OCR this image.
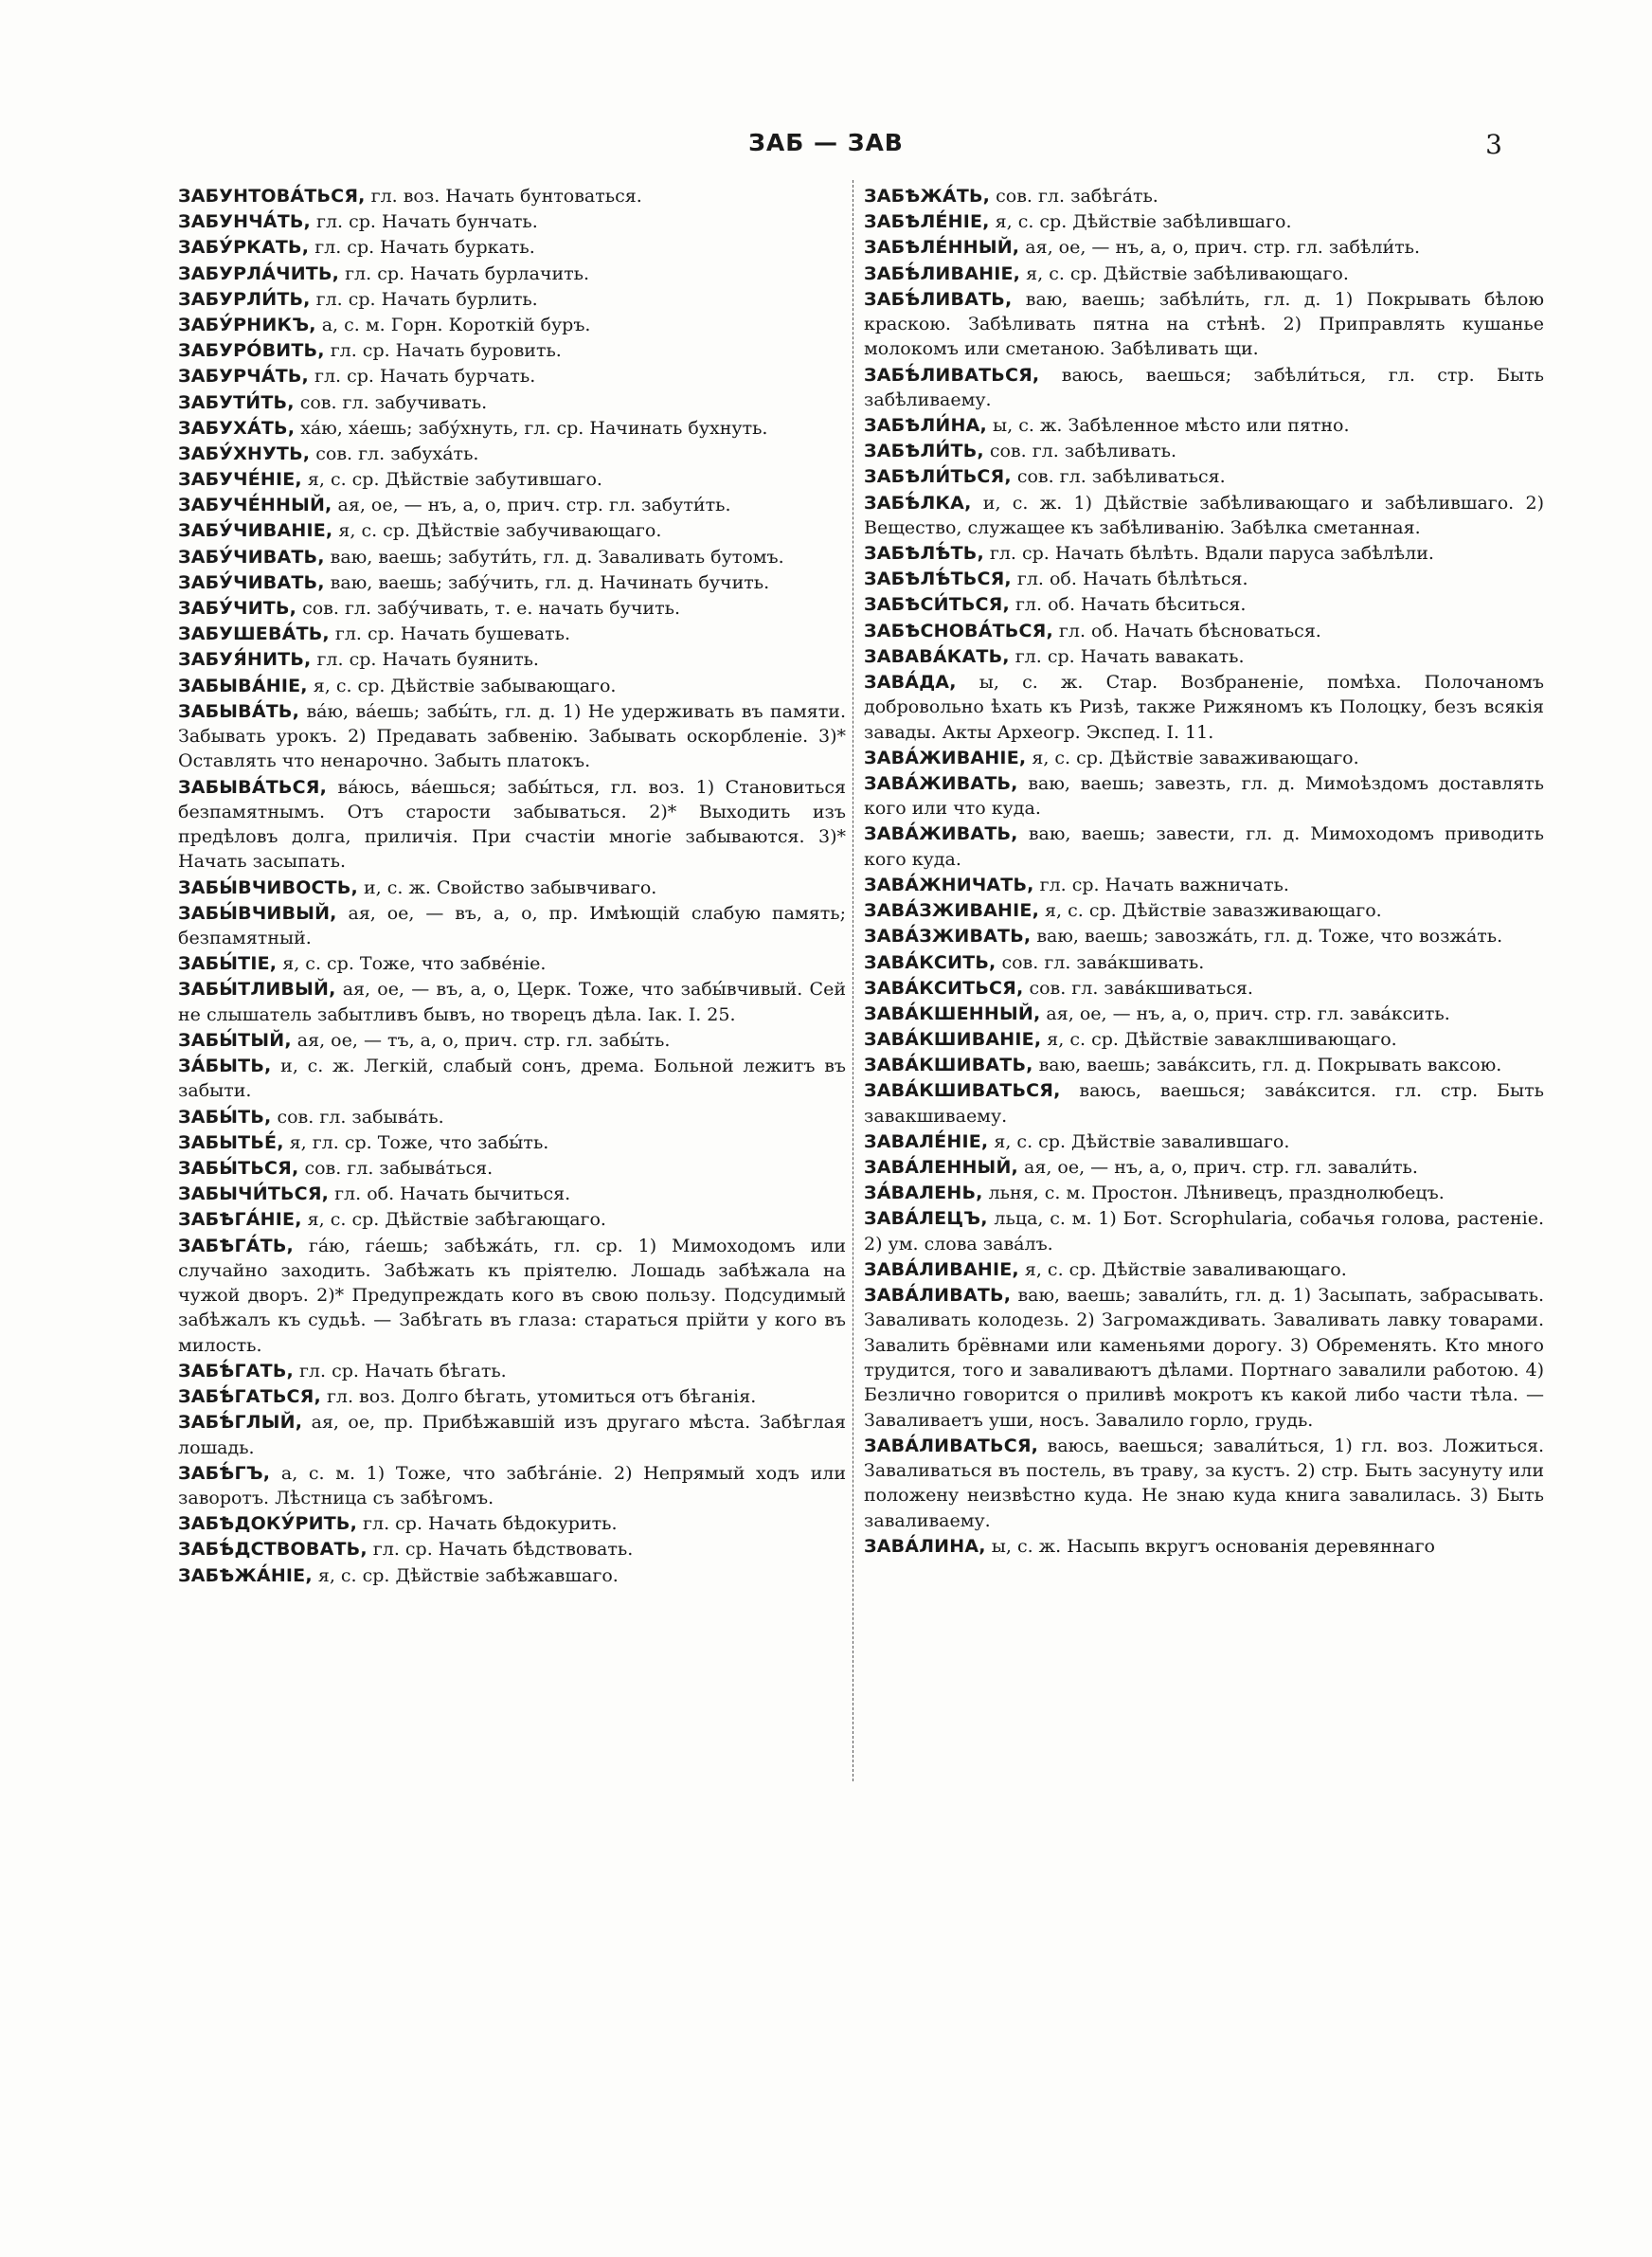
ЗАБ — ЗАВ	3
ЗАБУНТОВА́ТЬСЯ, гл. воз. Начать бунтоваться.
ЗАБУНЧА́ТЬ, гл. ср. Начать бунчать.
ЗАБУ́РКАТЬ, гл. ср. Начать буркать.
ЗАБУРЛА́ЧИТЬ, гл. ср. Начать бурлачить.
ЗАБУРЛИ́ТЬ, гл. ср. Начать бурлить.
ЗАБУ́РНИКЪ, а, с. м. Горн. Короткій буръ.
ЗАБУРО́ВИТЬ, гл. ср. Начать буровить.
ЗАБУРЧА́ТЬ, гл. ср. Начать бурчать.
ЗАБУТИ́ТЬ, сов. гл. забучивать.
ЗАБУХА́ТЬ, ха́ю, ха́ешь; забу́хнуть, гл. ср. Начинать бухнуть.
ЗАБУ́ХНУТЬ, сов. гл. забуха́ть.
ЗАБУЧЕ́НІЕ, я, с. ср. Дѣйствіе забутившаго.
ЗАБУЧЕ́ННЫЙ, ая, ое, — нъ, а, о, прич. стр. гл. забути́ть.
ЗАБУ́ЧИВАНІЕ, я, с. ср. Дѣйствіе забучивающаго.
ЗАБУ́ЧИВАТЬ, ваю, ваешь; забути́ть, гл. д. Заваливать бутомъ.
ЗАБУ́ЧИВАТЬ, ваю, ваешь; забу́чить, гл. д. Начинать бучить.
ЗАБУ́ЧИТЬ, сов. гл. забу́чивать, т. е. начать бучить.
ЗАБУШЕВА́ТЬ, гл. ср. Начать бушевать.
ЗАБУЯ́НИТЬ, гл. ср. Начать буянить.
ЗАБЫВА́НІЕ, я, с. ср. Дѣйствіе забывающаго.
ЗАБЫВА́ТЬ, ва́ю, ва́ешь; забы́ть, гл. д. 1) Не удерживать въ памяти. Забывать урокъ. 2) Предавать забвенію. Забывать оскорбленіе. 3)* Оставлять что ненарочно. Забыть платокъ.
ЗАБЫВА́ТЬСЯ, ва́юсь, ва́ешься; забы́ться, гл. воз. 1) Становиться безпамятнымъ. Отъ старости забываться. 2)* Выходить изъ предѣловъ долга, приличія. При счастіи многіе забываются. 3)* Начать засыпать.
ЗАБЫ́ВЧИВОСТЬ, и, с. ж. Свойство забывчиваго.
ЗАБЫ́ВЧИВЫЙ, ая, ое, — въ, а, о, пр. Имѣющій слабую память; безпамятный.
ЗАБЫ́ТІЕ, я, с. ср. Тоже, что забве́ніе.
ЗАБЫ́ТЛИВЫЙ, ая, ое, — въ, а, о, Церк. Тоже, что забы́вчивый. Сей не слышатель забытливъ бывъ, но творецъ дѣла. Iак. I. 25.
ЗАБЫ́ТЫЙ, ая, ое, — тъ, а, о, прич. стр. гл. забы́ть.
ЗА́БЫТЬ, и, с. ж. Легкій, слабый сонъ, дрема. Больной лежитъ въ забыти.
ЗАБЫ́ТЬ, сов. гл. забыва́ть.
ЗАБЫТЬЕ́, я, гл. ср. Тоже, что забы́ть.
ЗАБЫ́ТЬСЯ, сов. гл. забыва́ться.
ЗАБЫЧИ́ТЬСЯ, гл. об. Начать бычиться.
ЗАБѢГА́НІЕ, я, с. ср. Дѣйствіе забѣгающаго.
ЗАБѢГА́ТЬ, га́ю, га́ешь; забѣжа́ть, гл. ср. 1) Мимоходомъ или случайно заходить. Забѣжать къ пріятелю. Лошадь забѣжала на чужой дворъ. 2)* Предупреждать кого въ свою пользу. Подсудимый забѣжалъ къ судьѣ. — Забѣгать въ глаза: стараться прійти у кого въ милость.
ЗАБѢ́ГАТЬ, гл. ср. Начать бѣгать.
ЗАБѢ́ГАТЬСЯ, гл. воз. Долго бѣгать, утомиться отъ бѣганія.
ЗАБѢ́ГЛЫЙ, ая, ое, пр. Прибѣжавшій изъ другаго мѣста. Забѣглая лошадь.
ЗАБѢ́ГЪ, а, с. м. 1) Тоже, что забѣга́ніе. 2) Непрямый ходъ или заворотъ. Лѣстница съ забѣгомъ.
ЗАБѢДОКУ́РИТЬ, гл. ср. Начать бѣдокурить.
ЗАБѢ́ДСТВОВАТЬ, гл. ср. Начать бѣдствовать.
ЗАБѢЖА́НІЕ, я, с. ср. Дѣйствіе забѣжавшаго.
ЗАБѢЖА́ТЬ, сов. гл. забѣга́ть.
ЗАБѢЛЕ́НІЕ, я, с. ср. Дѣйствіе забѣлившаго.
ЗАБѢЛЕ́ННЫЙ, ая, ое, — нъ, а, о, прич. стр. гл. забѣли́ть.
ЗАБѢ́ЛИВАНІЕ, я, с. ср. Дѣйствіе забѣливающаго.
ЗАБѢ́ЛИВАТЬ, ваю, ваешь; забѣли́ть, гл. д. 1) Покрывать бѣлою краскою. Забѣливать пятна на стѣнѣ. 2) Приправлять кушанье молокомъ или сметаною. Забѣливать щи.
ЗАБѢ́ЛИВАТЬСЯ, ваюсь, ваешься; забѣли́ться, гл. стр. Быть забѣливаему.
ЗАБѢЛИ́НА, ы, с. ж. Забѣленное мѣсто или пятно.
ЗАБѢЛИ́ТЬ, сов. гл. забѣливать.
ЗАБѢЛИ́ТЬСЯ, сов. гл. забѣливаться.
ЗАБѢ́ЛКА, и, с. ж. 1) Дѣйствіе забѣливающаго и забѣлившаго. 2) Вещество, служащее къ забѣливанію. Забѣлка сметанная.
ЗАБѢЛѢ́ТЬ, гл. ср. Начать бѣлѣть. Вдали паруса забѣлѣли.
ЗАБѢЛѢ́ТЬСЯ, гл. об. Начать бѣлѣться.
ЗАБѢСИ́ТЬСЯ, гл. об. Начать бѣситься.
ЗАБѢСНОВА́ТЬСЯ, гл. об. Начать бѣсноваться.
ЗАВАВА́КАТЬ, гл. ср. Начать вавакать.
ЗАВА́ДА, ы, с. ж. Стар. Возбраненіе, помѣха. Полочаномъ добровольно ѣхать къ Ризѣ, такжe Рижяномъ къ Полоцку, безъ всякія завады. Акты Археогр. Экспед. I. 11.
ЗАВА́ЖИВАНІЕ, я, с. ср. Дѣйствіе заваживающаго.
ЗАВА́ЖИВАТЬ, ваю, ваешь; завезть, гл. д. Мимоѣздомъ доставлять кого или что куда.
ЗАВА́ЖИВАТЬ, ваю, ваешь; завести, гл. д. Мимоходомъ приводить кого куда.
ЗАВА́ЖНИЧАТЬ, гл. ср. Начать важничать.
ЗАВА́ЗЖИВАНІЕ, я, с. ср. Дѣйствіе завазживающаго.
ЗАВА́ЗЖИВАТЬ, ваю, ваешь; завозжа́ть, гл. д. Тоже, что возжа́ть.
ЗАВА́КСИТЬ, сов. гл. зава́кшивать.
ЗАВА́КСИТЬСЯ, сов. гл. зава́кшиваться.
ЗАВА́КШЕННЫЙ, ая, ое, — нъ, а, о, прич. стр. гл. зава́ксить.
ЗАВА́КШИВАНІЕ, я, с. ср. Дѣйствіе заваклшивающаго.
ЗАВА́КШИВАТЬ, ваю, ваешь; зава́ксить, гл. д. Покрывать ваксою.
ЗАВА́КШИВАТЬСЯ, ваюсь, ваешься; зава́ксится. гл. стр. Быть завакшиваему.
ЗАВАЛЕ́НІЕ, я, с. ср. Дѣйствіе завалившаго.
ЗАВА́ЛЕННЫЙ, ая, ое, — нъ, а, о, прич. стр. гл. завали́ть.
ЗА́ВАЛЕНЬ, льня, с. м. Простон. Лѣнивецъ, празднолюбецъ.
ЗАВА́ЛЕЦЪ, льца, с. м. 1) Бот. Scrophularia, собачья голова, растеніе. 2) ум. слова зава́лъ.
ЗАВА́ЛИВАНІЕ, я, с. ср. Дѣйствіе заваливающаго.
ЗАВА́ЛИВАТЬ, ваю, ваешь; завали́ть, гл. д. 1) Засыпать, забрасывать. Заваливать колодезь. 2) Загромаждивать. Заваливать лавку товарами. Завалить брёвнами или каменьями дорогу. 3) Обременять. Кто много трудится, того и заваливаютъ дѣлами. Портнаго завалили работою. 4) Безлично говорится о приливѣ мокротъ къ какой либо части тѣла. — Заваливаетъ уши, носъ. Завалило горло, грудь.
ЗАВА́ЛИВАТЬСЯ, ваюсь, ваешься; завали́ться, 1) гл. воз. Ложиться. Заваливаться въ постель, въ траву, за кустъ. 2) стр. Быть засунуту или положену неизвѣстно куда. Не знаю куда книга завалилась. 3) Быть заваливаему.
ЗАВА́ЛИНА, ы, с. ж. Насыпь вкругъ основанія деревяннаго
